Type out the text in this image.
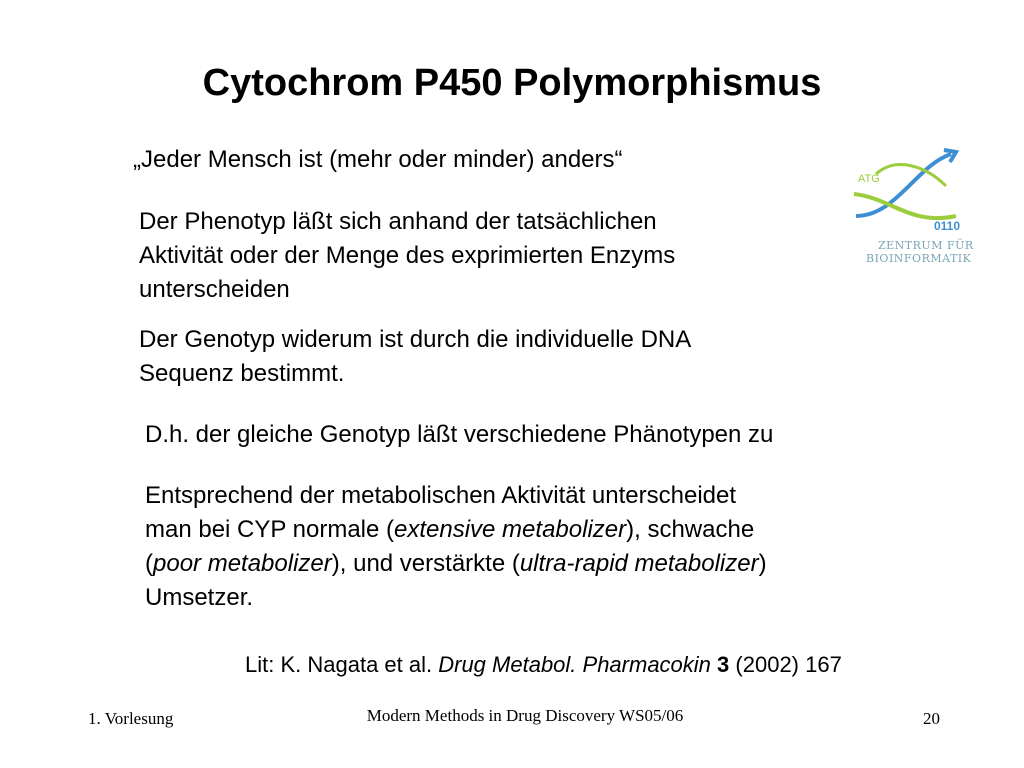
Cytochrom P450 Polymorphismus
„Jeder Mensch ist (mehr oder minder) anders“
Der Phenotyp läßt sich anhand der tatsächlichen
Aktivität oder der Menge des exprimierten Enzyms
unterscheiden
Der Genotyp widerum ist durch die individuelle DNA
Sequenz bestimmt.
D.h. der gleiche Genotyp läßt verschiedene Phänotypen zu
Entsprechend der metabolischen Aktivität unterscheidet
man bei CYP normale (extensive metabolizer), schwache
(poor metabolizer), und verstärkte (ultra-rapid metabolizer)
Umsetzer.
Lit: K. Nagata et al. Drug Metabol. Pharmacokin 3 (2002) 167
ATG
0110
ZENTRUM FÜR
BIOINFORMATIK
1. Vorlesung	Modern Methods in Drug Discovery WS05/06	20
